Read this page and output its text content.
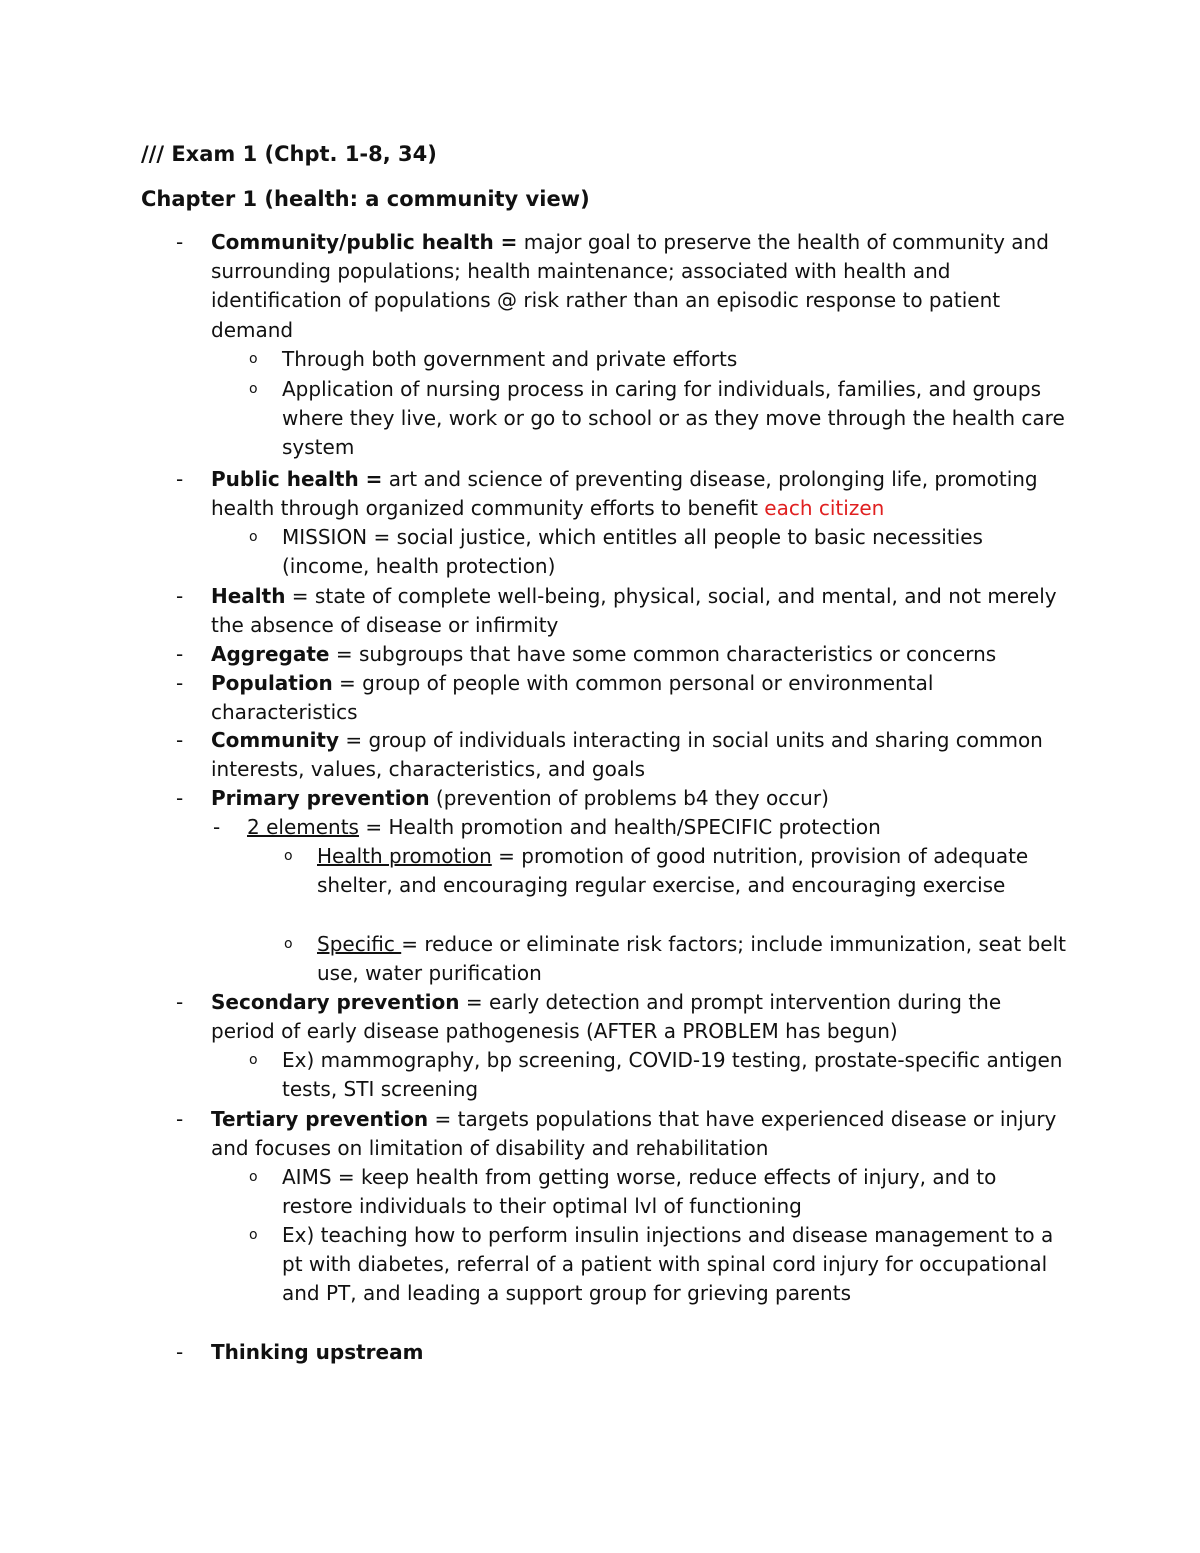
/// Exam 1 (Chpt. 1-8, 34)
Chapter 1 (health: a community view)
- Community/public health = major goal to preserve the health of community and surrounding populations; health maintenance; associated with health and identification of populations @ risk rather than an episodic response to patient demand
o Through both government and private efforts
o Application of nursing process in caring for individuals, families, and groups where they live, work or go to school or as they move through the health care system
- Public health = art and science of preventing disease, prolonging life, promoting health through organized community efforts to benefit each citizen
o MISSION = social justice, which entitles all people to basic necessities (income, health protection)
- Health = state of complete well-being, physical, social, and mental, and not merely the absence of disease or infirmity
- Aggregate = subgroups that have some common characteristics or concerns
- Population = group of people with common personal or environmental characteristics
- Community = group of individuals interacting in social units and sharing common interests, values, characteristics, and goals
- Primary prevention (prevention of problems b4 they occur)
- 2 elements = Health promotion and health/SPECIFIC protection
o Health promotion = promotion of good nutrition, provision of adequate shelter, and encouraging regular exercise, and encouraging exercise
o Specific = reduce or eliminate risk factors; include immunization, seat belt use, water purification
- Secondary prevention = early detection and prompt intervention during the period of early disease pathogenesis (AFTER a PROBLEM has begun)
o Ex) mammography, bp screening, COVID-19 testing, prostate-specific antigen tests, STI screening
- Tertiary prevention = targets populations that have experienced disease or injury and focuses on limitation of disability and rehabilitation
o AIMS = keep health from getting worse, reduce effects of injury, and to restore individuals to their optimal lvl of functioning
o Ex) teaching how to perform insulin injections and disease management to a pt with diabetes, referral of a patient with spinal cord injury for occupational and PT, and leading a support group for grieving parents
- Thinking upstream
